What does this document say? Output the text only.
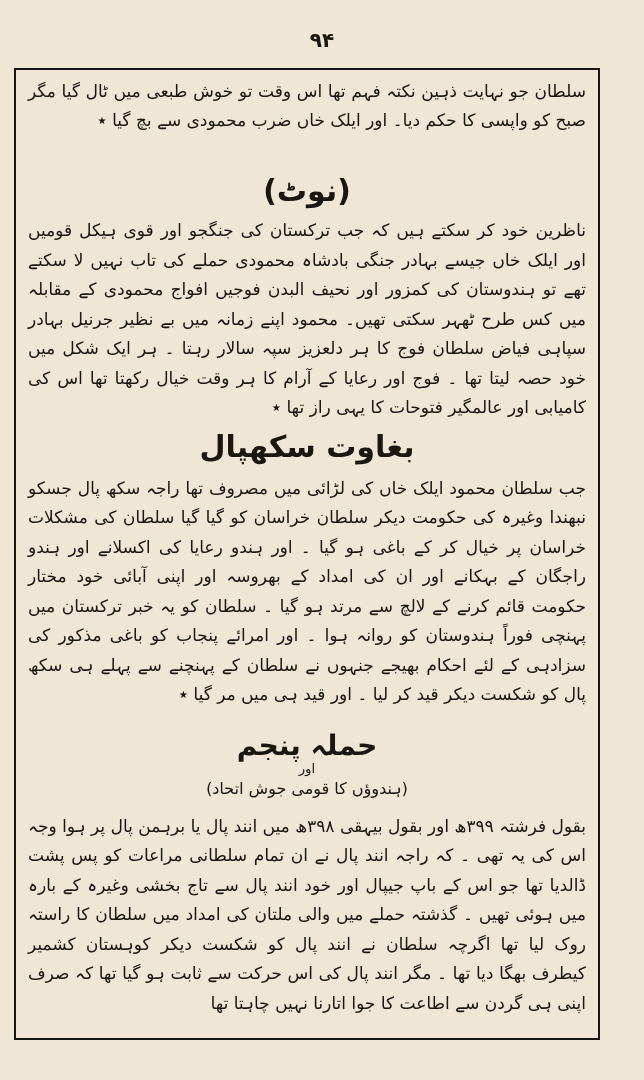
۹۴

سلطان جو نہایت ذہین نکتہ فہم تھا اس وقت تو خوش طبعی میں ٹال گیا مگر صبح کو واپسی کا حکم دیا۔ اور ایلک خاں ضرب محمودی سے بچ گیا ٭

(نوٹ)

ناظرین خود کر سکتے ہیں کہ جب ترکستان کی جنگجو اور قوی ہیکل قومیں اور ایلک خاں جیسے بہادر جنگی بادشاہ محمودی حملے کی تاب نہیں لا سکتے تھے تو ہندوستان کی کمزور اور نحیف البدن فوجیں افواج محمودی کے مقابلہ میں کس طرح ٹھہر سکتی تھیں۔ محمود اپنے زمانہ میں بے نظیر جرنیل بہادر سپاہی فیاض سلطان فوج کا ہر دلعزیز سپہ سالار رہتا ۔ ہر ایک شکل میں خود حصہ لیتا تھا ۔ فوج اور رعایا کے آرام کا ہر وقت خیال رکھتا تھا اس کی کامیابی اور عالمگیر فتوحات کا یہی راز تھا ٭

بغاوت سکھپال

جب سلطان محمود ایلک خاں کی لڑائی میں مصروف تھا راجہ سکھ پال جسکو نبھندا وغیرہ کی حکومت دیکر سلطان خراسان کو گیا گیا سلطان کی مشکلات خراسان پر خیال کر کے باغی ہو گیا ۔ اور ہندو رعایا کی اکسلانے اور ہندو راجگان کے بہکانے اور ان کی امداد کے بھروسہ اور اپنی آبائی خود مختار حکومت قائم کرنے کے لالچ سے مرتد ہو گیا ۔ سلطان کو یہ خبر ترکستان میں پہنچی فوراً ہندوستان کو روانہ ہوا ۔ اور امرائے پنجاب کو باغی مذکور کی سزادہی کے لئے احکام بھیجے جنہوں نے سلطان کے پہنچنے سے پہلے ہی سکھ پال کو شکست دیکر قید کر لیا ۔ اور قید ہی میں مر گیا ٭

حملہ پنجم
اور
(ہندوؤں کا قومی جوش اتحاد)

بقول فرشتہ ۳۹۹ھ اور بقول بیہقی ۳۹۸ھ میں انند پال یا برہمن پال پر ہوا وجہ اس کی یہ تھی ۔ کہ راجہ انند پال نے ان تمام سلطانی مراعات کو پس پشت ڈالدیا تھا جو اس کے باپ جیپال اور خود انند پال سے تاج بخشی وغیرہ کے بارہ میں ہوئی تھیں ۔ گذشتہ حملے میں والی ملتان کی امداد میں سلطان کا راستہ روک لیا تھا اگرچہ سلطان نے انند پال کو شکست دیکر کوہستان کشمیر کیطرف بھگا دیا تھا ۔ مگر انند پال کی اس حرکت سے ثابت ہو گیا تھا کہ صرف اپنی ہی گردن سے اطاعت کا جوا اتارنا نہیں چاہتا تھا
